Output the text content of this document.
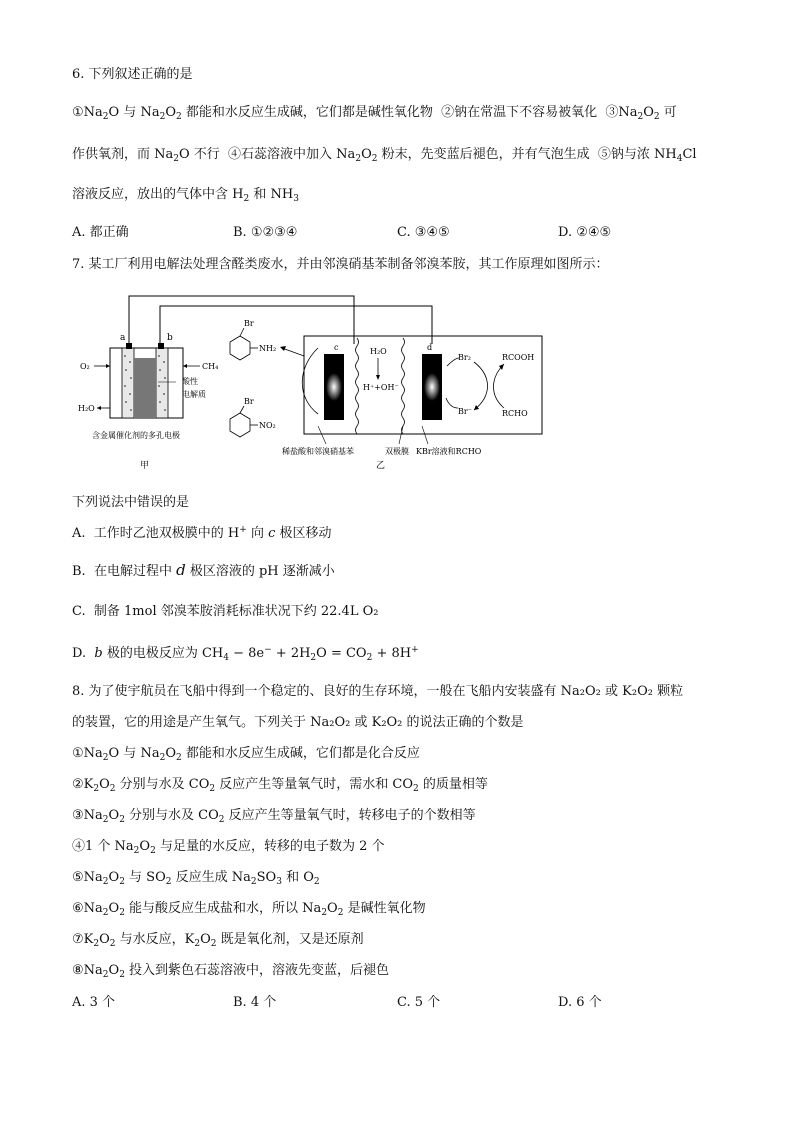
6. 下列叙述正确的是
$①Na_2O$ 与 $Na_2O_2$ 都能和水反应生成碱，它们都是碱性氧化物  ②钠在常温下不容易被氧化  $③Na_2O_2$ 可
作供氧剂，而 $Na_2O$ 不行  ④石蕊溶液中加入 $Na_2O_2$ 粉末，先变蓝后褪色，并有气泡生成  ⑤钠与浓 $NH_4Cl$
溶液反应，放出的气体中含 $H_2$ 和 $NH_3$
A. 都正确	B. ①②③④	C. ③④⑤	D. ②④⑤
7. 某工厂利用电解法处理含醛类废水，并由邻溴硝基苯制备邻溴苯胺，其工作原理如图所示：
a	b
O₂	CH₄
H₂O
酸性
电解质
含金属催化剂的多孔电极
甲
c	d
H₂O
H⁺+OH⁻
Br
NH₂
Br
NO₂
Br₂
Br⁻
RCOOH
RCHO
稀盐酸和邻溴硝基苯	双极膜 KBr溶液和RCHO
乙
下列说法中错误的是
A.  工作时乙池双极膜中的 H+ 向 c 极区移动
B.  在电解过程中 d 极区溶液的 pH 逐渐减小
C. 制备 1mol 邻溴苯胺消耗标准状况下约 22.4L O₂
D. b 极的电极反应为 $CH_4 - 8e^- + 2H_2O = CO_2 + 8H^+$
8. 为了使宇航员在飞船中得到一个稳定的、良好的生存环境，一般在飞船内安装盛有 Na₂O₂ 或 K₂O₂ 颗粒
的装置，它的用途是产生氧气。下列关于 Na₂O₂ 或 K₂O₂ 的说法正确的个数是
$①Na_2O$ 与 $Na_2O_2$ 都能和水反应生成碱，它们都是化合反应
$②K_2O_2$ 分别与水及 $CO_2$ 反应产生等量氧气时，需水和 $CO_2$ 的质量相等
$③Na_2O_2$ 分别与水及 $CO_2$ 反应产生等量氧气时，转移电子的个数相等
④1 个 $Na_2O_2$ 与足量的水反应，转移的电子数为 2 个
$⑤Na_2O_2$ 与 $SO_2$ 反应生成 $Na_2SO_3$ 和 $O_2$
$⑥Na_2O_2$ 能与酸反应生成盐和水，所以 $Na_2O_2$ 是碱性氧化物
$⑦K_2O_2$ 与水反应，$K_2O_2$ 既是氧化剂，又是还原剂
$⑧Na_2O_2$ 投入到紫色石蕊溶液中，溶液先变蓝，后褪色
A. 3 个	B. 4 个	C. 5 个	D. 6 个
